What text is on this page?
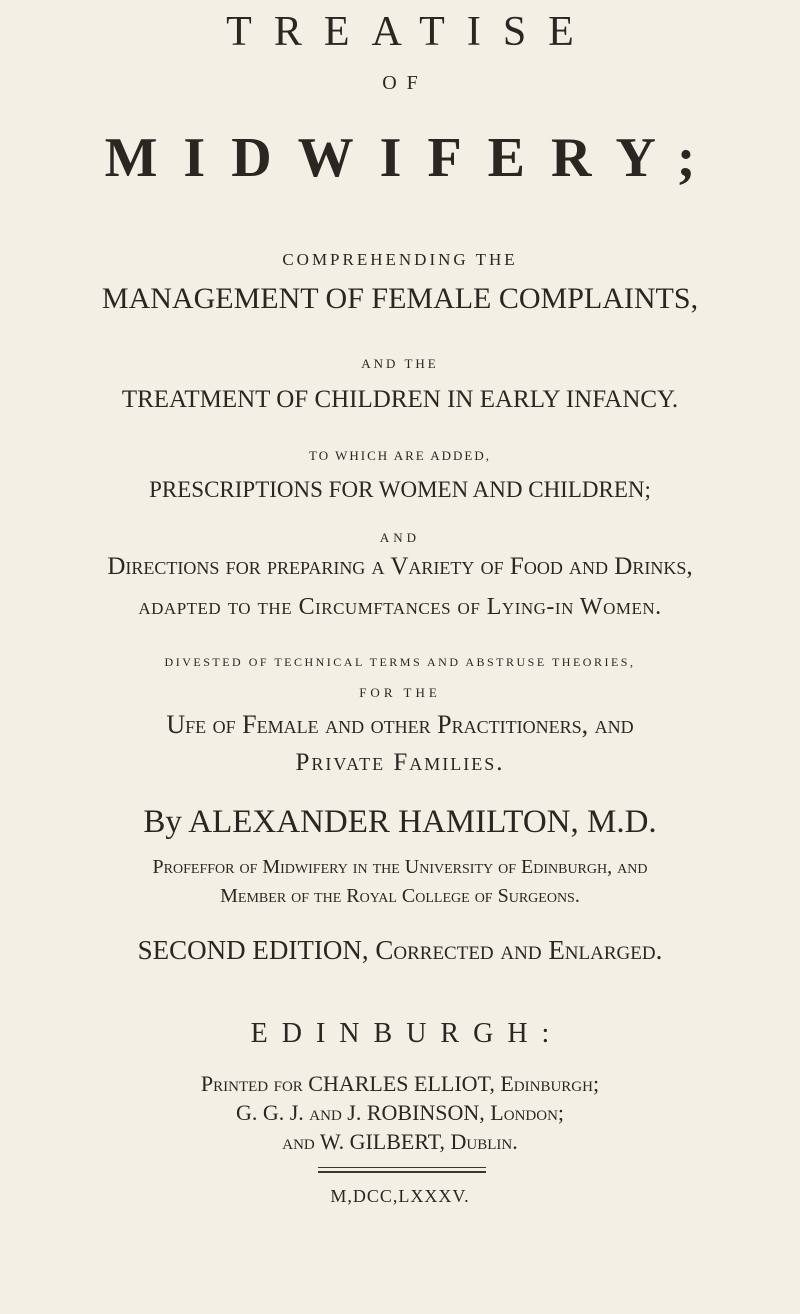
TREATISE
OF
MIDWIFERY;
COMPREHENDING THE
MANAGEMENT OF FEMALE COMPLAINTS,
AND THE
TREATMENT OF CHILDREN IN EARLY INFANCY.
TO WHICH ARE ADDED,
PRESCRIPTIONS FOR WOMEN AND CHILDREN;
AND
Directions for preparing a Variety of Food and Drinks,
adapted to the Circumftances of Lying-in Women.
DIVESTED OF TECHNICAL TERMS AND ABSTRUSE THEORIES,
FOR THE
Ufe of Female and other Practitioners, and
Private Families.
By ALEXANDER HAMILTON, M.D.
Profeffor of Midwifery in the University of Edinburgh, and
Member of the Royal College of Surgeons.
SECOND EDITION, Corrected and Enlarged.
EDINBURGH:
Printed for CHARLES ELLIOT, Edinburgh;
G. G. J. and J. ROBINSON, London;
and W. GILBERT, Dublin.
M,DCC,LXXXV.
